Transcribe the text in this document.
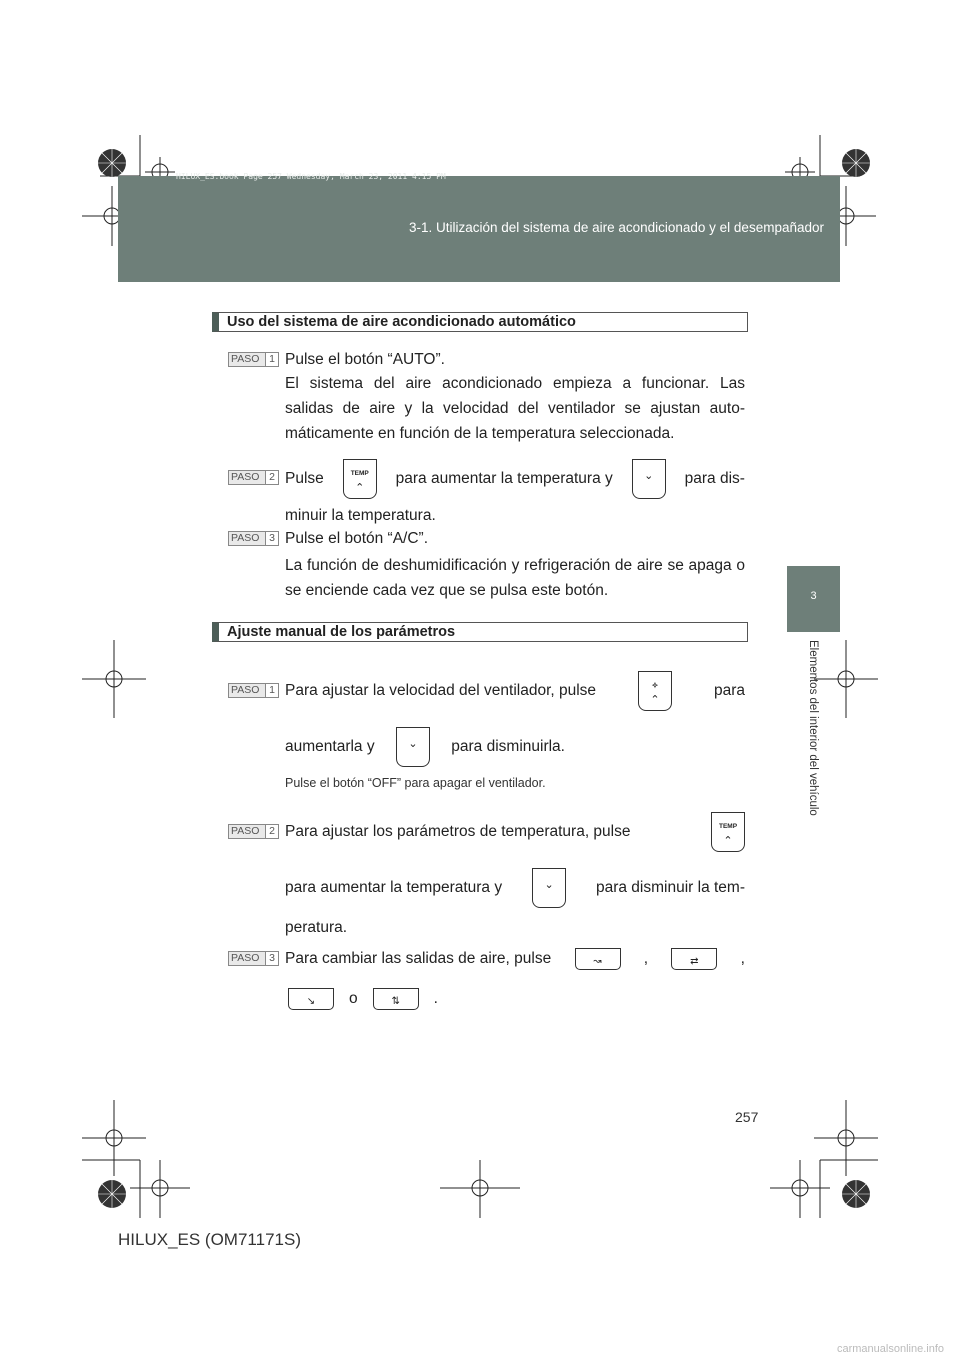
3-1. Utilización del sistema de aire acondicionado y el desempañador
HILUX_ES.book Page 257 Wednesday, March 23, 2011 4:15 PM
3
Elementos del interior del vehículo
Uso del sistema de aire acondicionado automático
PASO 1 Pulse el botón “AUTO”.
El sistema del aire acondicionado empieza a funcionar. Las salidas de aire y la velocidad del ventilador se ajustan auto-máticamente en función de la temperatura seleccionada.
PASO 2 Pulse	TEMP
⌃
para aumentar la temperatura y	⌄	para dis-
minuir la temperatura.
PASO 3 Pulse el botón “A/C”.
La función de deshumidificación y refrigeración de aire se apaga o se enciende cada vez que se pulsa este botón.
Ajuste manual de los parámetros
PASO 1 Para ajustar la velocidad del ventilador, pulse	✧
⌃
para
aumentarla y	⌄	para disminuirla.
Pulse el botón “OFF” para apagar el ventilador.
PASO 2 Para ajustar los parámetros de temperatura, pulse	TEMP
⌃
para aumentar la temperatura y	⌄	para disminuir la tem-
peratura.
PASO 3 Para cambiar las salidas de aire, pulse	↝	,	⇄	,
↘	o	⇅	.
257
HILUX_ES (OM71171S)
carmanualsonline.info
